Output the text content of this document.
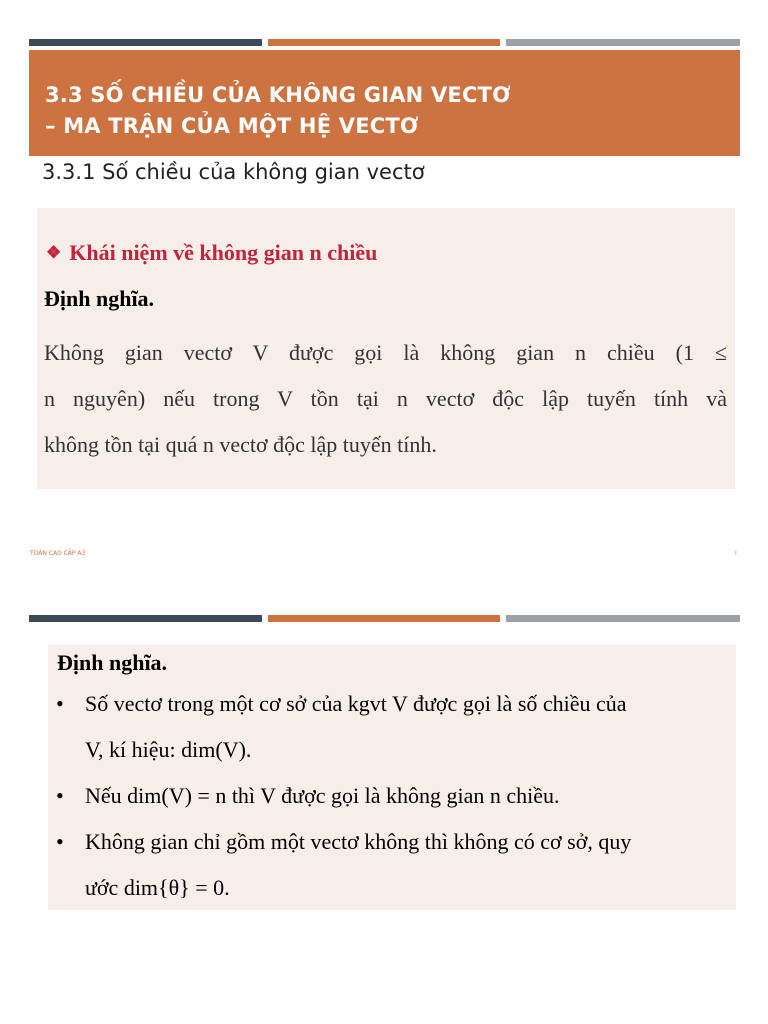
3.3 SỐ CHIỀU CỦA KHÔNG GIAN VECTƠ
– MA TRẬN CỦA MỘT HỆ VECTƠ
3.3.1 Số chiều của không gian vectơ
❖ Khái niệm về không gian n chiều
Định nghĩa.
Không gian vectơ V được gọi là không gian n chiều (1 ≤
n nguyên) nếu trong V tồn tại n vectơ độc lập tuyến tính và
không tồn tại quá n vectơ độc lập tuyến tính.
TOÁN CAO CẤP A3	I
Định nghĩa.
• Số vectơ trong một cơ sở của kgvt V được gọi là số chiều của
V, kí hiệu: dim(V).
• Nếu dim(V) = n thì V được gọi là không gian n chiều.
• Không gian chỉ gồm một vectơ không thì không có cơ sở, quy
ước dim{θ} = 0.
